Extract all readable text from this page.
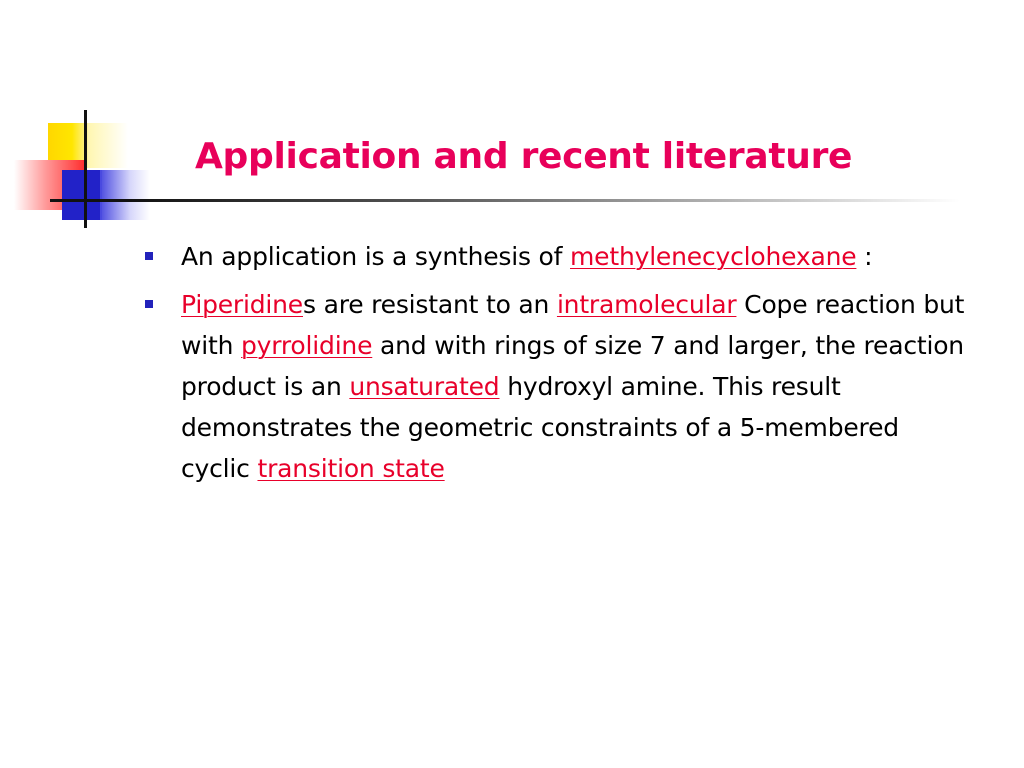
Application and recent literature
An application is a synthesis of methylenecyclohexane :
Piperidines are resistant to an intramolecular Cope reaction but with pyrrolidine and with rings of size 7 and larger, the reaction product is an unsaturated hydroxyl amine. This result demonstrates the geometric constraints of a 5-membered cyclic transition state
